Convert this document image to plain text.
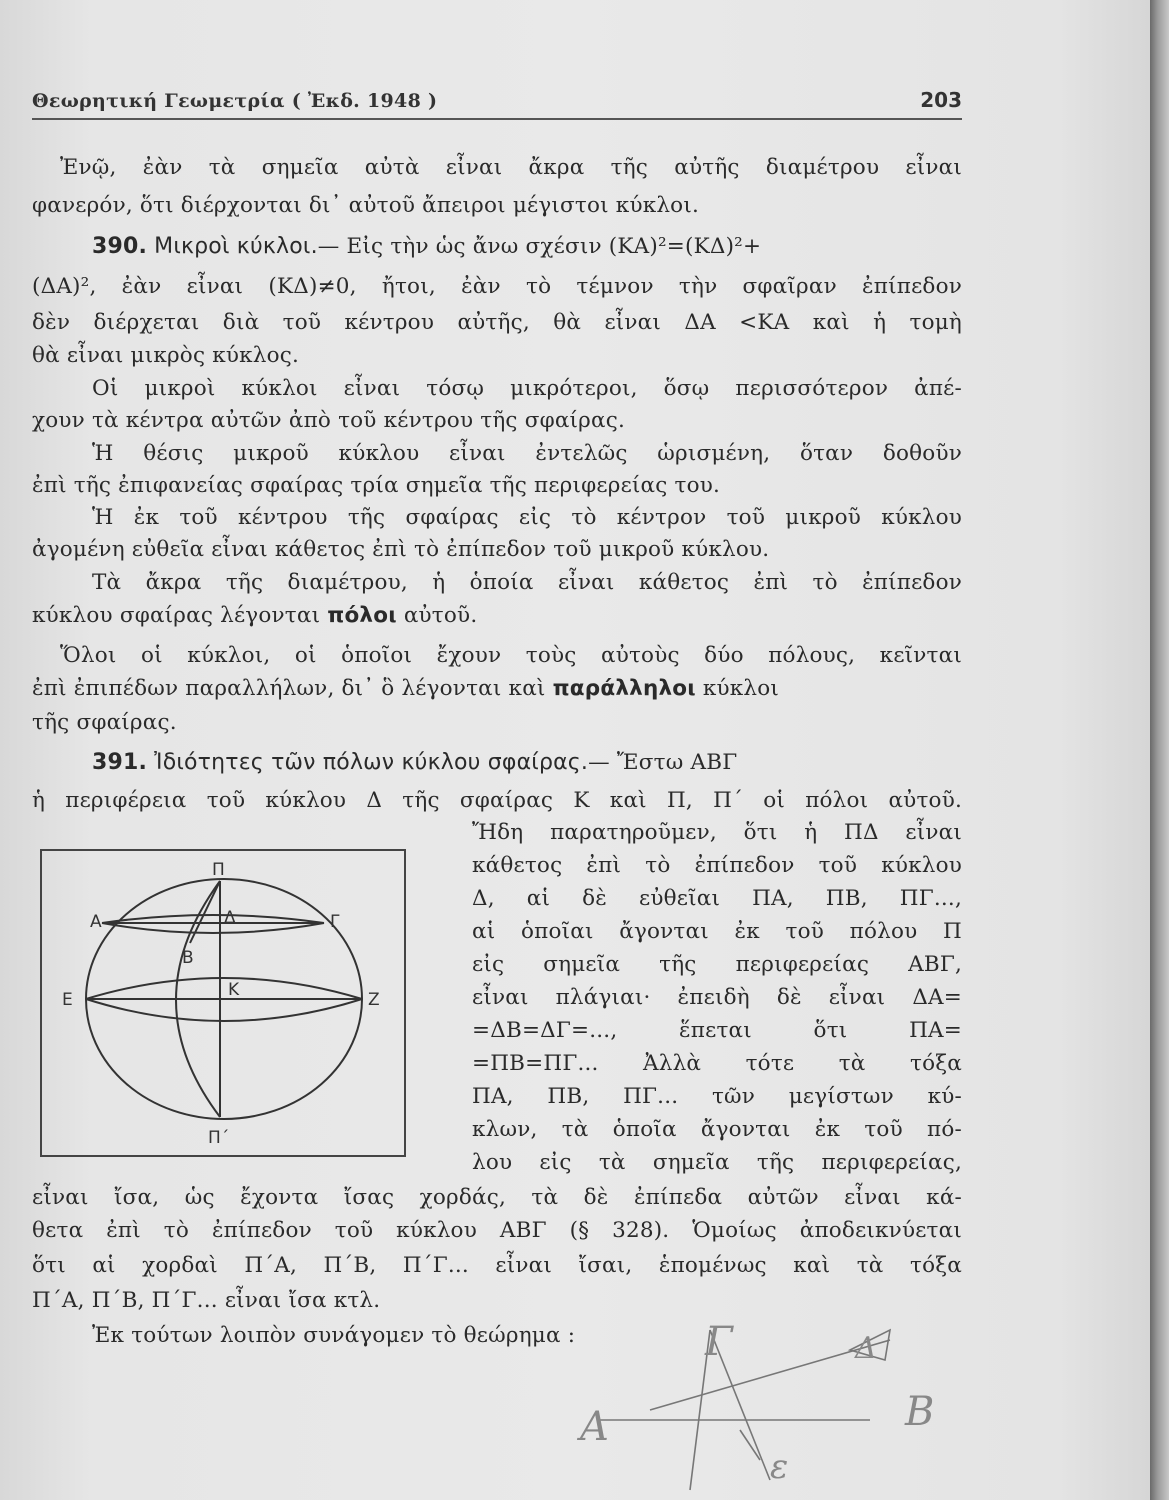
Θεωρητική Γεωμετρία ( Ἐκδ. 1948 )	203
Ἐνῷ, ἐὰν τὰ σημεῖα αὐτὰ εἶναι ἄκρα τῆς αὐτῆς διαμέτρου εἶναι
φανερόν, ὅτι διέρχονται δι᾿ αὐτοῦ ἄπειροι μέγιστοι κύκλοι.
390. Μικροὶ κύκλοι.— Εἰς τὴν ὡς ἄνω σχέσιν (ΚΑ)²=(ΚΔ)²+
(ΔΑ)², ἐὰν εἶναι (ΚΔ)≠0, ἤτοι, ἐὰν τὸ τέμνον τὴν σφαῖραν ἐπίπεδον
δὲν διέρχεται διὰ τοῦ κέντρου αὐτῆς, θὰ εἶναι ΔΑ <ΚΑ καὶ ἡ τομὴ
θὰ εἶναι μικρὸς κύκλος.
Οἱ μικροὶ κύκλοι εἶναι τόσῳ μικρότεροι, ὅσῳ περισσότερον ἀπέ-
χουν τὰ κέντρα αὐτῶν ἀπὸ τοῦ κέντρου τῆς σφαίρας.
Ἡ θέσις μικροῦ κύκλου εἶναι ἐντελῶς ὡρισμένη, ὅταν δοθοῦν
ἐπὶ τῆς ἐπιφανείας σφαίρας τρία σημεῖα τῆς περιφερείας του.
Ἡ ἐκ τοῦ κέντρου τῆς σφαίρας εἰς τὸ κέντρον τοῦ μικροῦ κύκλου
ἀγομένη εὐθεῖα εἶναι κάθετος ἐπὶ τὸ ἐπίπεδον τοῦ μικροῦ κύκλου.
Τὰ ἄκρα τῆς διαμέτρου, ἡ ὁποία εἶναι κάθετος ἐπὶ τὸ ἐπίπεδον
κύκλου σφαίρας λέγονται πόλοι αὐτοῦ.
Ὅλοι οἱ κύκλοι, οἱ ὁποῖοι ἔχουν τοὺς αὐτοὺς δύο πόλους, κεῖνται
ἐπὶ ἐπιπέδων παραλλήλων, δι᾿ ὃ λέγονται καὶ παράλληλοι κύκλοι
τῆς σφαίρας.
391. Ἰδιότητες τῶν πόλων κύκλου σφαίρας.— Ἔστω ΑΒΓ
ἡ περιφέρεια τοῦ κύκλου Δ τῆς σφαίρας Κ καὶ Π, Π΄ οἱ πόλοι αὐτοῦ.
Ἤδη παρατηροῦμεν, ὅτι ἡ ΠΔ εἶναι
κάθετος ἐπὶ τὸ ἐπίπεδον τοῦ κύκλου
Δ, αἱ δὲ εὐθεῖαι ΠΑ, ΠΒ, ΠΓ...,
αἱ ὁποῖαι ἄγονται ἐκ τοῦ πόλου Π
εἰς σημεῖα τῆς περιφερείας ΑΒΓ,
εἶναι πλάγιαι· ἐπειδὴ δὲ εἶναι ΔΑ=
=ΔΒ=ΔΓ=..., ἕπεται ὅτι ΠΑ=
=ΠΒ=ΠΓ... Ἀλλὰ τότε τὰ τόξα
ΠΑ, ΠΒ, ΠΓ... τῶν μεγίστων κύ-
κλων, τὰ ὁποῖα ἄγονται ἐκ τοῦ πό-
λου εἰς τὰ σημεῖα τῆς περιφερείας,
εἶναι ἴσα, ὡς ἔχοντα ἴσας χορδάς, τὰ δὲ ἐπίπεδα αὐτῶν εἶναι κά-
θετα ἐπὶ τὸ ἐπίπεδον τοῦ κύκλου ΑΒΓ (§ 328). Ὁμοίως ἀποδεικνύεται
ὅτι αἱ χορδαὶ Π΄Α, Π΄Β, Π΄Γ... εἶναι ἴσαι, ἑπομένως καὶ τὰ τόξα
Π΄Α, Π΄Β, Π΄Γ... εἶναι ἴσα κτλ.
Ἐκ τούτων λοιπὸν συνάγομεν τὸ θεώρημα :
Π
Π΄
Α	Δ	Γ
Β
Ε	Κ	Ζ
Α	Β
Γ	Δ
ε
